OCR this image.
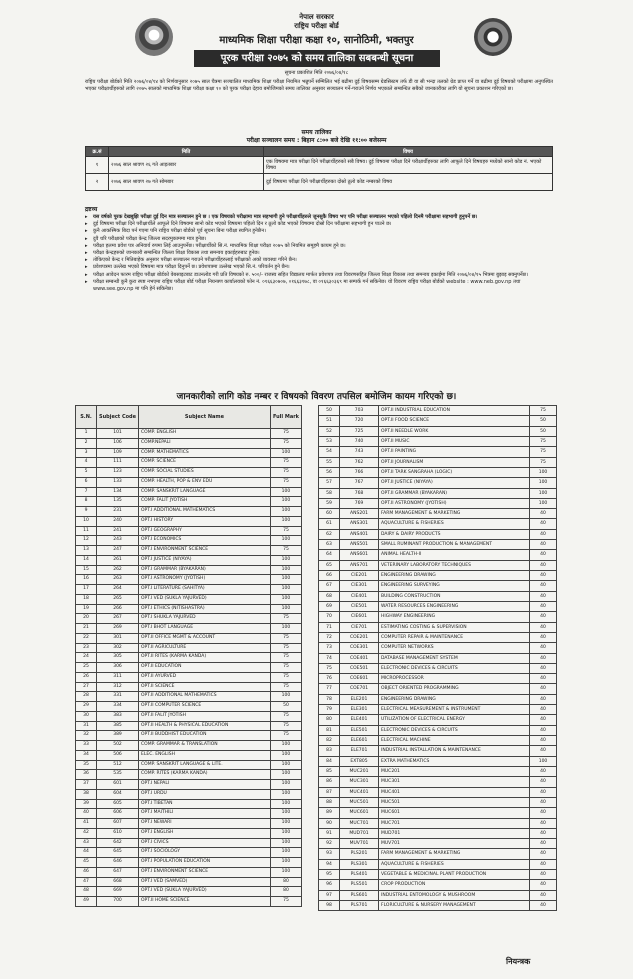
नेपाल सरकार
राष्ट्रिय परीक्षा बोर्ड
माध्यमिक शिक्षा परीक्षा कक्षा १०, सानोठिमी, भक्तपुर
पूरक परीक्षा २०७५ को समय तालिका सबबन्धी सूचना
सूचना प्रकाशित मिति २०७६/०४/१८

राष्ट्रिय परीक्षा बोर्डको मिति २०७६/०४/१४ को निर्णयानुसार २०७५ साल चैत्रमा सञ्चालित माध्यमिक शिक्षा परीक्षा नियमित भन्नुपर्ने सम्मिलित भई बढीमा दुई विषयसम्म ग्रेडसिस्टम तर्फ डी वा सी भन्दा तलको ग्रेड प्राप्त गर्ने वा बढीमा दुई विषयको परीक्षामा अनुपस्थित भएका परीक्षार्थीहरुको लागि २०७५ सालको माध्यमिक शिक्षा परीक्षा कक्षा १० को पूरक परीक्षा देहाय बमोजिमको समय तालिका अनुसार सञ्चालन गर्ने-गराउने निर्णय भएकाले सम्बन्धित सबैको जानकारीका लागि यो सूचना प्रकाशन गरिएको छ।

समय तालिका
परीक्षा सञ्चालन समय : बिहान ८:०० बजे देखि ११:०० बजेसम्म
क्र.सं	मिति	विषय
१	२०७६ साल श्रावण २६ गते आइतबार	एक विषयमा मात्र परीक्षा दिने परीक्षार्थीहरुको सबै विषय। दुई विषयमा परीक्षा दिने परीक्षार्थीहरुका लागि आफूले दिने विषयहरु मध्येको सानो कोड नं. भएको विषय
२	२०७६ साल श्रावण २७ गते सोमबार	दुई विषयमा परीक्षा दिने परीक्षार्थीहरुका दोस्रो ठूलो कोड नम्बरको विषय
द्रष्टव्य
▸ यस वर्षको पूरक देखबुझि परीक्षा दुई दिन मात्र सञ्चालन हुने छ । एक विषयको परीक्षामा मात्र सहभागी हुने परीक्षार्थीहरुले जुनसुकै विषय भए पनि परीक्षा सञ्चालन भएको पहिलो दिनमै परीक्षामा सहभागी हुनुपर्ने छ।
▸ दुई विषयमा परीक्षा दिने परीक्षार्थीले आफूले दिने विषयमा सानो कोड भएको विषयमा पहिलो दिन र ठूलो कोड भएको विषयमा दोस्रो दिन परीक्षामा सहभागी हुन पाउने छ।
▸ कुनै आकस्मिक बिदा पर्न गएमा पनि राष्ट्रिय परीक्षा बोर्डको पूर्व सूचना बिना परीक्षा स्थगित हुनेछैन।
▸ दुवै थरि परीक्षाको परीक्षा केन्द्र जिल्ला सदरमुकाममा मात्र हुनेछ।
▸ परीक्षा हलमा प्रवेश पत्र अनिवार्य रुपमा लिई आउनुपर्नेछ। परीक्षार्थीको सि.नं. माध्यमिक शिक्षा परीक्षा २०७५ को नियमित समूहमै कायम हुने छ।
▸ परीक्षा केन्द्रहरुको जानकारी सम्बन्धित जिल्ला शिक्षा विकास तथा समन्वय इकाईहरुबाट हुनेछ।
▸ तोकिएको केन्द्र र मितिबाहेक अनुसार परीक्षा सञ्चालन गराउने परीक्षार्थीहरुलाई परीक्षाको अको व्यवस्था गरिने छैन।
▸ प्रवेशपत्रमा उल्लेख भएको विषयमा मात्र परीक्षा दिनुपर्ने छ। प्रवेशपत्रमा उल्लेख भएको सि.नं. परिवर्तन हुने छैन।
▸ परीक्षा आवेदन फारम राष्ट्रिय परीक्षा बोर्डको वेबसाइटबाट डाउनलोड गरी प्रति विषयको रु. ५००/- राजस्व सहित विद्यालय मार्फत प्रवेशपत्र तथा विवरणसहित जिल्ला शिक्षा विकास तथा समन्वय इकाईमा मिति २०७६/०४/१५ भित्रमा बुझाइ सक्नुपर्नेछ।
▸ परीक्षा सम्बन्धी कुनै कुरा स्पष्ट नभएमा राष्ट्रिय परीक्षा बोर्ड परीक्षा नियन्त्रण कार्यालयको फोन नं. ०१६६३०७०७, ०१६६३१७८, वा ०१६६३०३६९ मा सम्पर्क गर्न सकिनेछ। यो विवरण राष्ट्रिय परीक्षा बोर्डको website : www.neb.gov.np तथा www.see.gov.np मा पनि हेर्न सकिनेछ।
जानकारीको लागि कोड नम्बर र विषयको विवरण तपसिल बमोजिम कायम गरिएको छ।
S.N.	Subject Code	Subject Name	Full Mark
1	101	COMP. ENGLISH	75
2	106	COMP.NEPALI	75
3	109	COMP. MATHEMATICS	100
4	111	COMP. SCIENCE	75
5	123	COMP. SOCIAL STUDIES	75
6	133	COMP. HEALTH, POP & ENV EDU	75
7	134	COMP. SANSKRIT LANGUAGE	100
8	135	COMP. FALIT JYOTISH	100
9	231	OPT.I ADDITIONAL MATHEMATICS	100
10	240	OPT.I HISTORY	100
11	241	OPT.I GEOGRAPHY	75
12	243	OPT.I ECONOMICS	100
13	247	OPT.I ENVIRONMENT SCIENCE	75
14	261	OPT.I JUSTICE (NIYAYA)	100
15	262	OPT.I GRAMMAR (BYAKARAN)	100
16	263	OPT.I ASTRONOMY (JYOTISH)	100
17	264	OPT.I LITERATURE (SAHITYA)	100
18	265	OPT.I VED (SUKLA YAJURVED)	100
19	266	OPT.I ETHICS (NITISHASTRA)	100
20	267	OPT.I SHUKLA YAJURVED	75
21	269	OPT.I BHOT LANGUAGE	100
22	301	OPT.II OFFICE MGMT & ACCOUNT	75
23	302	OPT.II AGRICULTURE	75
24	305	OPT.II RITES (KARMA KANDA)	75
25	306	OPT.II EDUCATION	75
26	311	OPT.II AYURVED	75
27	312	OPT.II SCIENCE	75
28	331	OPT.II ADDITIONAL MATHEMATICS	100
29	334	OPT.II COMPUTER SCIENCE	50
30	383	OPT.II FALIT JYOTISH	75
31	385	OPT.II HEALTH & PHYSICAL EDUCATION	75
32	389	OPT.II BUDDHIST EDUCATION	75
33	502	COMP. GRAMMAR & TRANSLATION	100
34	506	ELEC. ENGLISH	100
35	512	COMP. SANSKRIT LANGUAGE & LITE.	100
36	535	COMP. RITES (KARMA KANDA)	100
37	601	OPT.I NEPALI	100
38	604	OPT.I URDU	100
39	605	OPT.I TIBETAN	100
40	606	OPT.I MAITHILI	100
41	607	OPT.I NEWARI	100
42	610	OPT.I ENGLISH	100
43	642	OPT.I CIVICS	100
44	645	OPT.I SOCIOLOGY	100
45	646	OPT.I POPULATION EDUCATION	100
46	647	OPT.I ENVIRONMENT SCIENCE	100
47	668	OPT.I VED (SAMVED)	80
48	669	OPT.I VED (SUKLA YAJURVED)	80
49	700	OPT.II HOME SCIENCE	75
50	703	OPT.II INDUSTRIAL EDUCATION	75
51	720	OPT.II FOOD SCIENCE	50
52	725	OPT.II NEEDLE WORK	50
53	740	OPT.II MUSIC	75
54	743	OPT.II PAINTING	75
55	762	OPT.II JOURNALISM	75
56	766	OPT.II TARK SANGRAHA (LOGIC)	100
57	767	OPT.II JUSTICE (NIYAYA)	100
58	768	OPT.II GRAMMAR (BYAKARAN)	100
59	769	OPT.II ASTRONOMY (JYOTISH)	100
60	ANS201	FARM MANAGEMENT & MARKETING	40
61	ANS301	AQUACULTURE & FISHERIES	40
62	ANS401	DAIRY & DAIRY PRODUCTS	40
63	ANS501	SMALL RUMINANT PRODUCTION & MANAGEMENT	40
64	ANS601	ANIMAL HEALTH-II	40
65	ANS701	VETERINARY LABORATORY TECHNIQUES	40
66	CIE201	ENGINEERING DRAWING	40
67	CIE301	ENGINEERING SURVEYING	40
68	CIE401	BUILDING CONSTRUCTION	40
69	CIE501	WATER RESOURCES ENGINEERING	40
70	CIE601	HIGHWAY ENGINEERING	40
71	CIE701	ESTIMATING COSTING & SUPERVISION	40
72	COE201	COMPUTER REPAIR & MAINTENANCE	40
73	COE301	COMPUTER NETWORKS	40
74	COE401	DATABASE MANAGEMENT SYSTEM	40
75	COE501	ELECTRONIC DEVICES & CIRCUITS	40
76	COE601	MICROPROCESSOR	40
77	COE701	OBJECT ORIENTED PROGRAMMING	40
78	ELE201	ENGINEERING DRAWING	40
79	ELE301	ELECTRICAL MEASUREMENT & INSTRUMENT	40
80	ELE401	UTILIZATION OF ELECTRICAL ENERGY	40
81	ELE501	ELECTRONIC DEVICES & CIRCUITS	40
82	ELE601	ELECTRICAL MACHINE	40
83	ELE701	INDUSTRIAL INSTALLATION & MAINTENANCE	40
84	EXT805	EXTRA MATHEMATICS	100
85	MUC201	MUC201	40
86	MUC301	MUC301	40
87	MUC401	MUC401	40
88	MUC501	MUC501	40
89	MUC601	MUC601	40
90	MUC701	MUC701	40
91	MUD701	MUD701	40
92	MUV701	MUV701	40
93	PLS201	FARM MANAGEMENT & MARKETING	40
94	PLS301	AQUACULTURE & FISHERIES	40
95	PLS401	VEGETABLE & MEDICINAL PLANT PRODUCTION	40
96	PLS501	CROP PRODUCTION	40
97	PLS601	INDUSTRIAL ENTOMOLOGY & MUSHROOM	40
98	PLS701	FLORICULTURE & NURSERY MANAGEMENT	40
नियन्त्रक
